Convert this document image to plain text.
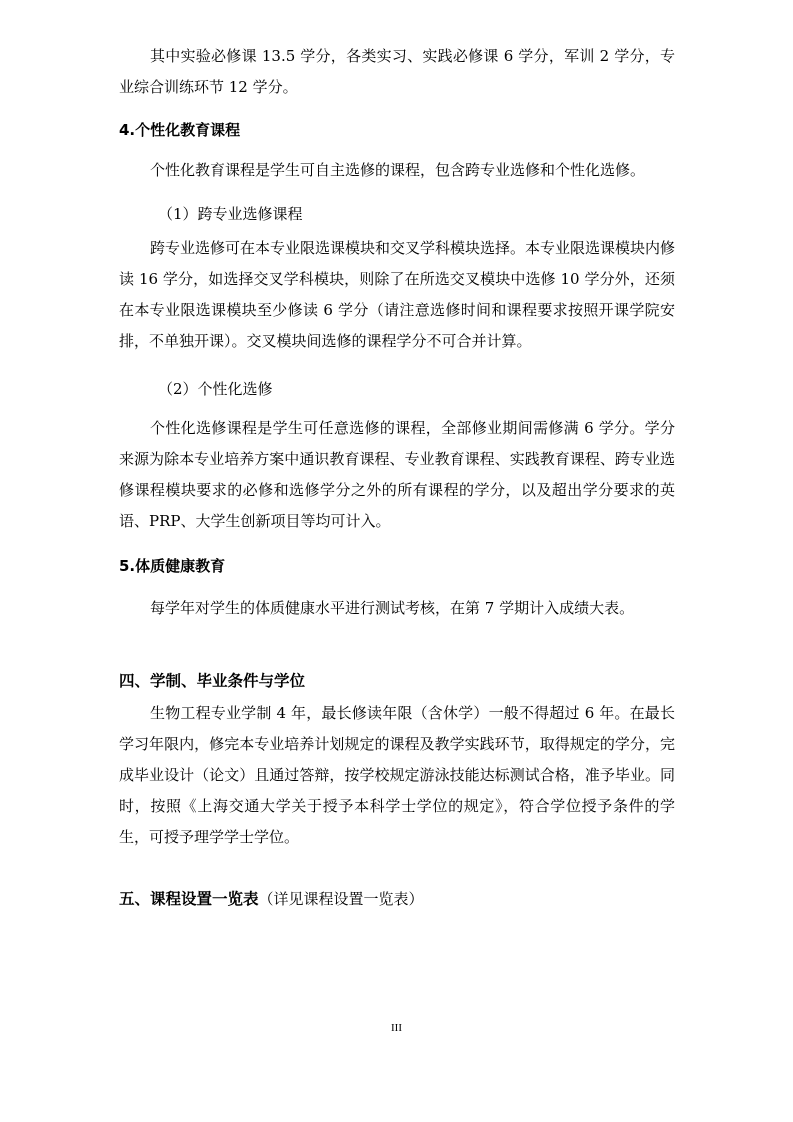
其中实验必修课 13.5 学分，各类实习、实践必修课 6 学分，军训 2 学分，专业综合训练环节 12 学分。

4.个性化教育课程

个性化教育课程是学生可自主选修的课程，包含跨专业选修和个性化选修。

（1）跨专业选修课程

跨专业选修可在本专业限选课模块和交叉学科模块选择。本专业限选课模块内修读 16 学分，如选择交叉学科模块，则除了在所选交叉模块中选修 10 学分外，还须在本专业限选课模块至少修读 6 学分（请注意选修时间和课程要求按照开课学院安排，不单独开课）。交叉模块间选修的课程学分不可合并计算。

（2）个性化选修

个性化选修课程是学生可任意选修的课程，全部修业期间需修满 6 学分。学分来源为除本专业培养方案中通识教育课程、专业教育课程、实践教育课程、跨专业选修课程模块要求的必修和选修学分之外的所有课程的学分，以及超出学分要求的英语、PRP、大学生创新项目等均可计入。

5.体质健康教育

每学年对学生的体质健康水平进行测试考核，在第 7 学期计入成绩大表。

四、学制、毕业条件与学位

生物工程专业学制 4 年，最长修读年限（含休学）一般不得超过 6 年。在最长学习年限内，修完本专业培养计划规定的课程及教学实践环节，取得规定的学分，完成毕业设计（论文）且通过答辩，按学校规定游泳技能达标测试合格，准予毕业。同时，按照《上海交通大学关于授予本科学士学位的规定》，符合学位授予条件的学生，可授予理学学士学位。

五、课程设置一览表（详见课程设置一览表）

III
